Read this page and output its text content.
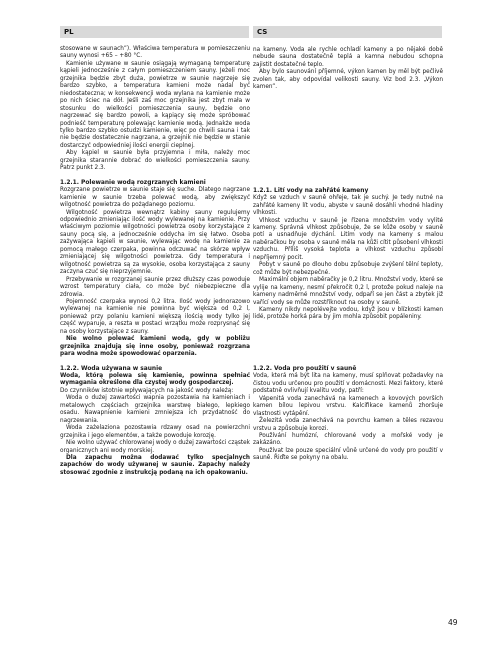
PL	CS

stosowane w saunach”). Właściwa temperatura w pomieszczeniu sauny wynosi +65 – +80 °C.

Kamienie używane w saunie osiągają wymaganą temperaturę kąpieli jednocześnie z całym pomieszczeniem sauny. Jeżeli moc grzejnika będzie zbyt duża, powietrze w saunie nagrzeje się bardzo szybko, a temperatura kamieni może nadal być niedostateczna; w konsekwencji woda wylana na kamienie może po nich ściec na dół. Jeśli zaś moc grzejnika jest zbyt mała w stosunku do wielkości pomieszczenia sauny, będzie ono nagrzewać się bardzo powoli, a kąpiący się może spróbować podnieść temperaturę polewając kamienie wodą. Jednakże woda tylko bardzo szybko ostudzi kamienie, więc po chwili sauna i tak nie będzie dostatecznie nagrzana, a grzejnik nie będzie w stanie dostarczyć odpowiedniej ilości energii cieplnej.

Aby kąpiel w saunie była przyjemna i miła, należy moc grzejnika starannie dobrać do wielkości pomieszczenia sauny. Patrz punkt 2.3.

1.2.1. Polewanie wodą rozgrzanych kamieni

Rozgrzane powietrze w saunie staje się suche. Dlatego nagrzane kamienie w saunie trzeba polewać wodą, aby zwiększyć wilgotność powietrza do pożądanego poziomu.

Wilgotność powietrza wewnątrz kabiny sauny regulujemy odpowiednio zmieniając ilość wody wylewanej na kamienie. Przy właściwym poziomie wilgotności powietrza osoby korzystające z sauny pocą się, a jednocześnie oddycha im się łatwo. Osoba zażywająca kąpieli w saunie, wylewając wodę na kamienie za pomocą małego czerpaka, powinna odczuwać na skórze wpływ zmieniającej się wilgotności powietrza. Gdy temperatura i wilgotność powietrza są za wysokie, osoba korzystająca z sauny zaczyna czuć się nieprzyjemnie.

Przebywanie w rozgrzanej saunie przez dłuższy czas powoduje wzrost temperatury ciała, co może być niebezpieczne dla zdrowia.

Pojemność czerpaka wynosi 0,2 litra. Ilość wody jednorazowo wylewanej na kamienie nie powinna być większa od 0,2 l, ponieważ przy polaniu kamieni większą ilością wody tylko jej część wyparuje, a reszta w postaci wrzątku może rozprysnąć się na osoby korzystające z sauny.

Nie wolno polewać kamieni wodą, gdy w pobliżu grzejnika znajdują się inne osoby, ponieważ rozgrzana para wodna może spowodować oparzenia.

1.2.2. Woda używana w saunie

Woda, którą polewa się kamienie, powinna spełniać wymagania określone dla czystej wody gospodarczej.

Do czynników istotnie wpływających na jakość wody należą:

Woda o dużej zawartości wapnia pozostawia na kamieniach i metalowych częściach grzejnika warstwę białego, lepkiego osadu. Nawapnienie kamieni zmniejsza ich przydatność do nagrzewania.

Woda zażelaziona pozostawia rdzawy osad na powierzchni grzejnika i jego elementów, a także powoduje korozję.

Nie wolno używać chlorowanej wody o dużej zawartości cząstek organicznych ani wody morskiej.

Dla zapachu można dodawać tylko specjalnych zapachów do wody używanej w saunie. Zapachy należy stosować zgodnie z instrukcją podaną na ich opakowaniu.

na kameny. Voda ale rychle ochladí kameny a po nějaké době nebude sauna dostatečně teplá a kamna nebudou schopna zajistit dostatečné teplo.

Aby bylo saunování příjemné, výkon kamen by měl být pečlivě zvolen tak, aby odpovídal velikosti sauny. Viz bod 2.3. „Výkon kamen”.

1.2.1. Lití vody na zahřáté kameny

Když se vzduch v sauně ohřeje, tak je suchý. Je tedy nutné na zahřáté kameny lít vodu, abyste v sauně dosáhli vhodné hladiny vlhkosti.

Vlhkost vzduchu v sauně je řízena množstvím vody vylité kameny. Správná vlhkost způsobuje, že se kůže osoby v sauně potí a usnadňuje dýchání. Litím vody na kameny s malou naběračkou by osoba v sauně měla na kůži cítit působení vlhkosti vzduchu. Příliš vysoká teplota a vlhkost vzduchu způsobí nepříjemný pocit.

Pobyt v sauně po dlouho dobu způsobuje zvýšení tělní teploty, což může být nebezpečné.

Maximální objem naběračky je 0,2 litru. Množství vody, které se vylije na kameny, nesmí překročit 0,2 l, protože pokud naleje na kameny nadměrné množství vody, odpaří se jen část a zbytek již vařící vody se může rozstříknout na osoby v sauně.

Kameny nikdy nepolévejte vodou, když jsou v blízkosti kamen lidé, protože horká pára by jim mohla způsobit popáleniny.

1.2.2. Voda pro použití v sauně

Voda, která má být lita na kameny, musí splňovat požadavky na čistou vodu určenou pro použití v domácnosti. Mezi faktory, které podstatně ovlivňují kvalitu vody, patří:

Vápenitá voda zanechává na kamenech a kovových površích kamen bílou lepivou vrstvu. Kalcifikace kamenů zhoršuje vlastnosti vytápění.

Železitá voda zanechává na povrchu kamen a těles rezavou vrstvu a způsobuje korozi.

Používání humózní, chlorované vody a mořské vody je zakázáno.

Používat lze pouze speciální vůně určené do vody pro použití v sauně. Řiďte se pokyny na obalu.

49
